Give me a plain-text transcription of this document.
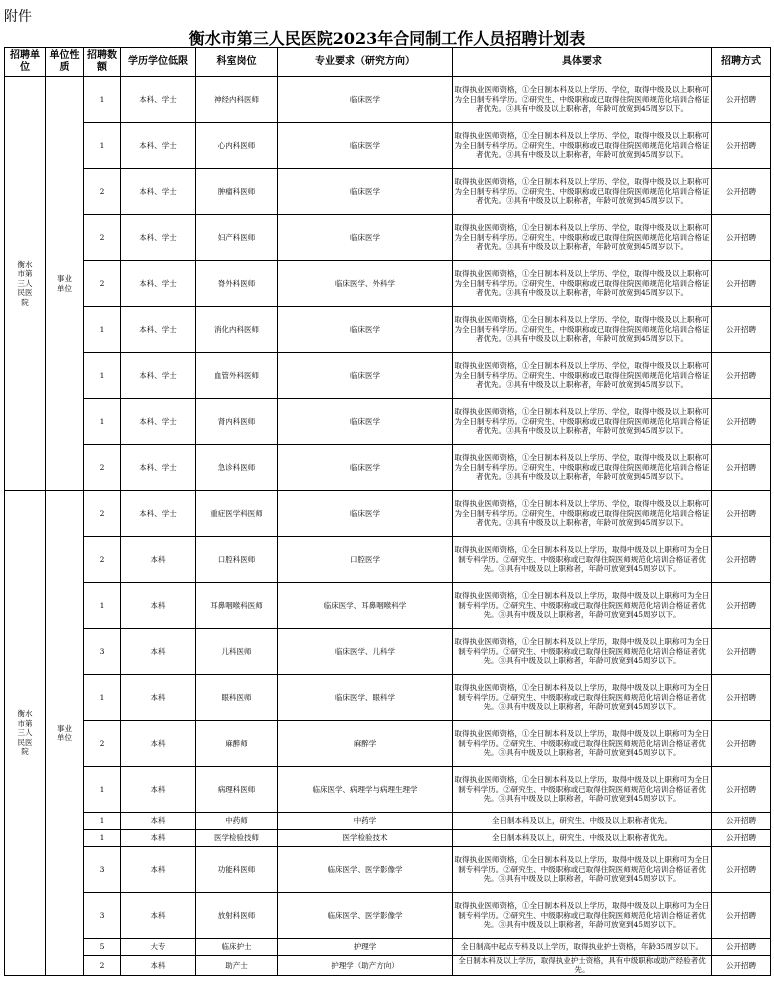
附件
衡水市第三人民医院2023年合同制工作人员招聘计划表
招聘单位	单位性质	招聘数额	学历学位低限	科室岗位	专业要求（研究方向）	具体要求	招聘方式
衡水市第三人民医院	事业单位	1	本科、学士	神经内科医师	临床医学	取得执业医师资格，①全日制本科及以上学历、学位，取得中级及以上职称可为全日制专科学历。②研究生、中级职称或已取得住院医师规范化培训合格证者优先。③具有中级及以上职称者，年龄可放宽到45周岁以下。	公开招聘
		1	本科、学士	心内科医师	临床医学	取得执业医师资格，①全日制本科及以上学历、学位，取得中级及以上职称可为全日制专科学历。②研究生、中级职称或已取得住院医师规范化培训合格证者优先。③具有中级及以上职称者，年龄可放宽到45周岁以下。	公开招聘
		2	本科、学士	肿瘤科医师	临床医学	取得执业医师资格，①全日制本科及以上学历、学位，取得中级及以上职称可为全日制专科学历。②研究生、中级职称或已取得住院医师规范化培训合格证者优先。③具有中级及以上职称者，年龄可放宽到45周岁以下。	公开招聘
		2	本科、学士	妇产科医师	临床医学	取得执业医师资格，①全日制本科及以上学历、学位，取得中级及以上职称可为全日制专科学历。②研究生、中级职称或已取得住院医师规范化培训合格证者优先。③具有中级及以上职称者，年龄可放宽到45周岁以下。	公开招聘
		2	本科、学士	脊外科医师	临床医学、外科学	取得执业医师资格，①全日制本科及以上学历、学位，取得中级及以上职称可为全日制专科学历。②研究生、中级职称或已取得住院医师规范化培训合格证者优先。③具有中级及以上职称者，年龄可放宽到45周岁以下。	公开招聘
		1	本科、学士	消化内科医师	临床医学	取得执业医师资格，①全日制本科及以上学历、学位，取得中级及以上职称可为全日制专科学历。②研究生、中级职称或已取得住院医师规范化培训合格证者优先。③具有中级及以上职称者，年龄可放宽到45周岁以下。	公开招聘
		1	本科、学士	血管外科医师	临床医学	取得执业医师资格，①全日制本科及以上学历、学位，取得中级及以上职称可为全日制专科学历。②研究生、中级职称或已取得住院医师规范化培训合格证者优先。③具有中级及以上职称者，年龄可放宽到45周岁以下。	公开招聘
		1	本科、学士	肾内科医师	临床医学	取得执业医师资格，①全日制本科及以上学历、学位，取得中级及以上职称可为全日制专科学历。②研究生、中级职称或已取得住院医师规范化培训合格证者优先。③具有中级及以上职称者，年龄可放宽到45周岁以下。	公开招聘
		2	本科、学士	急诊科医师	临床医学	取得执业医师资格，①全日制本科及以上学历、学位，取得中级及以上职称可为全日制专科学历。②研究生、中级职称或已取得住院医师规范化培训合格证者优先。③具有中级及以上职称者，年龄可放宽到45周岁以下。	公开招聘
衡水市第三人民医院	事业单位	2	本科、学士	重症医学科医师	临床医学	取得执业医师资格，①全日制本科及以上学历、学位，取得中级及以上职称可为全日制专科学历。②研究生、中级职称或已取得住院医师规范化培训合格证者优先。③具有中级及以上职称者，年龄可放宽到45周岁以下。	公开招聘
		2	本科	口腔科医师	口腔医学	取得执业医师资格，①全日制本科及以上学历，取得中级及以上职称可为全日制专科学历。②研究生、中级职称或已取得住院医师规范化培训合格证者优先。③具有中级及以上职称者，年龄可放宽到45周岁以下。	公开招聘
		1	本科	耳鼻咽喉科医师	临床医学、耳鼻咽喉科学	取得执业医师资格，①全日制本科及以上学历，取得中级及以上职称可为全日制专科学历。②研究生、中级职称或已取得住院医师规范化培训合格证者优先。③具有中级及以上职称者，年龄可放宽到45周岁以下。	公开招聘
		3	本科	儿科医师	临床医学、儿科学	取得执业医师资格，①全日制本科及以上学历，取得中级及以上职称可为全日制专科学历。②研究生、中级职称或已取得住院医师规范化培训合格证者优先。③具有中级及以上职称者，年龄可放宽到45周岁以下。	公开招聘
		1	本科	眼科医师	临床医学、眼科学	取得执业医师资格，①全日制本科及以上学历，取得中级及以上职称可为全日制专科学历。②研究生、中级职称或已取得住院医师规范化培训合格证者优先。③具有中级及以上职称者，年龄可放宽到45周岁以下。	公开招聘
		2	本科	麻醉师	麻醉学	取得执业医师资格，①全日制本科及以上学历，取得中级及以上职称可为全日制专科学历。②研究生、中级职称或已取得住院医师规范化培训合格证者优先。③具有中级及以上职称者，年龄可放宽到45周岁以下。	公开招聘
		1	本科	病理科医师	临床医学、病理学与病理生理学	取得执业医师资格，①全日制本科及以上学历，取得中级及以上职称可为全日制专科学历。②研究生、中级职称或已取得住院医师规范化培训合格证者优先。③具有中级及以上职称者，年龄可放宽到45周岁以下。	公开招聘
		1	本科	中药师	中药学	全日制本科及以上，研究生、中级及以上职称者优先。	公开招聘
		1	本科	医学检验技师	医学检验技术	全日制本科及以上，研究生、中级及以上职称者优先。	公开招聘
		3	本科	功能科医师	临床医学、医学影像学	取得执业医师资格，①全日制本科及以上学历，取得中级及以上职称可为全日制专科学历。②研究生、中级职称或已取得住院医师规范化培训合格证者优先。③具有中级及以上职称者，年龄可放宽到45周岁以下。	公开招聘
		3	本科	放射科医师	临床医学、医学影像学	取得执业医师资格，①全日制本科及以上学历，取得中级及以上职称可为全日制专科学历。②研究生、中级职称或已取得住院医师规范化培训合格证者优先。③具有中级及以上职称者，年龄可放宽到45周岁以下。	公开招聘
		5	大专	临床护士	护理学	全日制高中起点专科及以上学历，取得执业护士资格，年龄35周岁以下。	公开招聘
		2	本科	助产士	护理学（助产方向）	全日制本科及以上学历，取得执业护士资格，具有中级职称或助产经验者优先。	公开招聘
